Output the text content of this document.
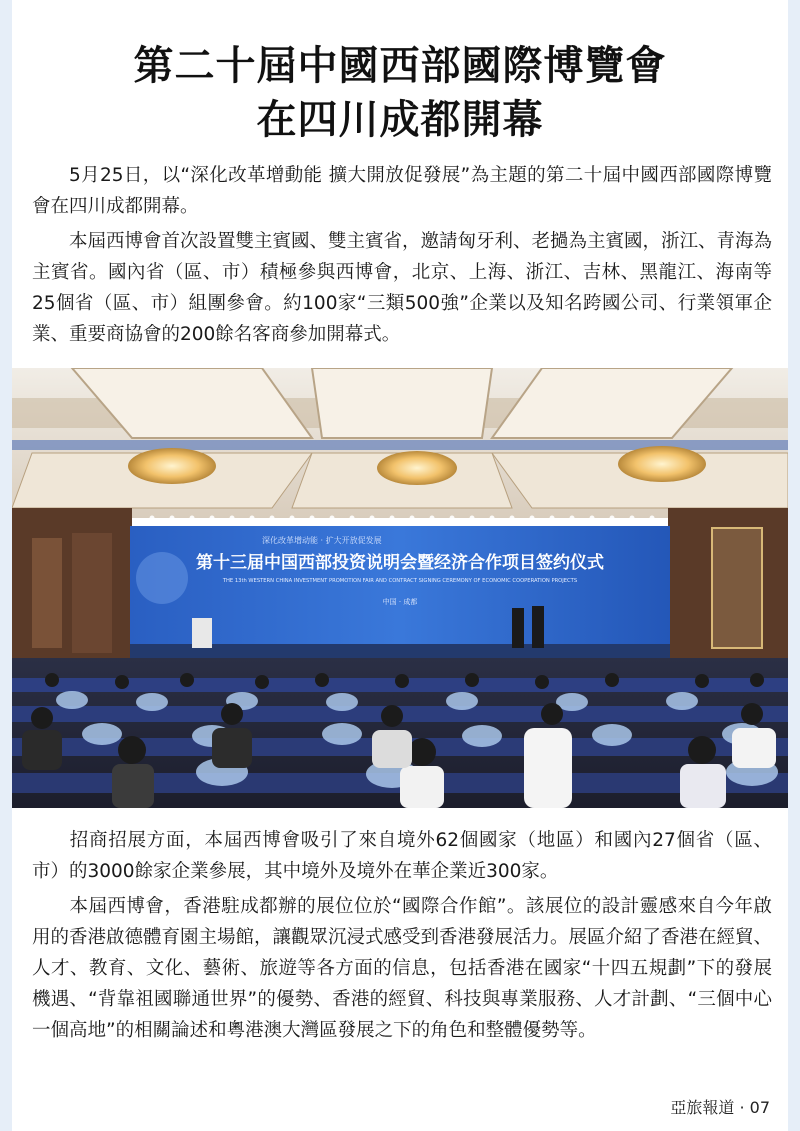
第二十屆中國西部國際博覽會
在四川成都開幕

5月25日，以“深化改革增動能 擴大開放促發展”為主題的第二十屆中國西部國際博覽會在四川成都開幕。

本屆西博會首次設置雙主賓國、雙主賓省，邀請匈牙利、老撾為主賓國，浙江、青海為主賓省。國內省（區、市）積極參與西博會，北京、上海、浙江、吉林、黑龍江、海南等25個省（區、市）組團參會。約100家“三類500強”企業以及知名跨國公司、行業領軍企業、重要商協會的200餘名客商參加開幕式。

深化改革增动能 · 扩大开放促发展
第十三届中国西部投资说明会暨经济合作项目签约仪式
THE 13th WESTERN CHINA INVESTMENT PROMOTION FAIR AND CONTRACT SIGNING CEREMONY OF ECONOMIC COOPERATION PROJECTS
中国 · 成都

招商招展方面，本屆西博會吸引了來自境外62個國家（地區）和國內27個省（區、市）的3000餘家企業參展，其中境外及境外在華企業近300家。

本屆西博會，香港駐成都辦的展位位於“國際合作館”。該展位的設計靈感來自今年啟用的香港啟德體育園主場館，讓觀眾沉浸式感受到香港發展活力。展區介紹了香港在經貿、人才、教育、文化、藝術、旅遊等各方面的信息，包括香港在國家“十四五規劃”下的發展機遇、“背靠祖國聯通世界”的優勢、香港的經貿、科技與專業服務、人才計劃、“三個中心一個高地”的相關論述和粵港澳大灣區發展之下的角色和整體優勢等。

亞旅報道 · 07
